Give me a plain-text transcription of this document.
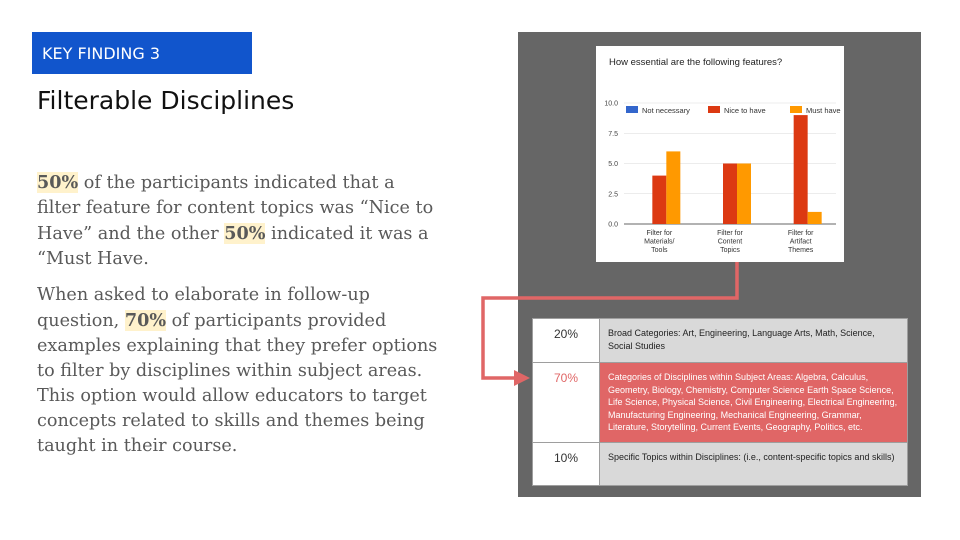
KEY FINDING 3
Filterable Disciplines

50% of the participants indicated that a filter feature for content topics was “Nice to Have” and the other 50% indicated it was a “Must Have.

When asked to elaborate in follow-up question, 70% of participants provided examples explaining that they prefer options to filter by disciplines within subject areas. This option would allow educators to target concepts related to skills and themes being taught in their course.

How essential are the following features?
Not necessary	Nice to have	Must have
0.0
2.5
5.0
7.5
10.0
Filter for
Materials/
Tools
Filter for
Content
Topics
Filter for
Artifact
Themes
20%	Broad Categories: Art, Engineering, Language Arts, Math, Science, Social Studies
70%	Categories of Disciplines within Subject Areas: Algebra, Calculus, Geometry, Biology, Chemistry, Computer Science Earth Space Science, Life Science, Physical Science, Civil Engineering, Electrical Engineering, Manufacturing Engineering, Mechanical Engineering, Grammar, Literature, Storytelling, Current Events, Geography, Politics, etc.
10%	Specific Topics within Disciplines: (i.e., content-specific topics and skills)
